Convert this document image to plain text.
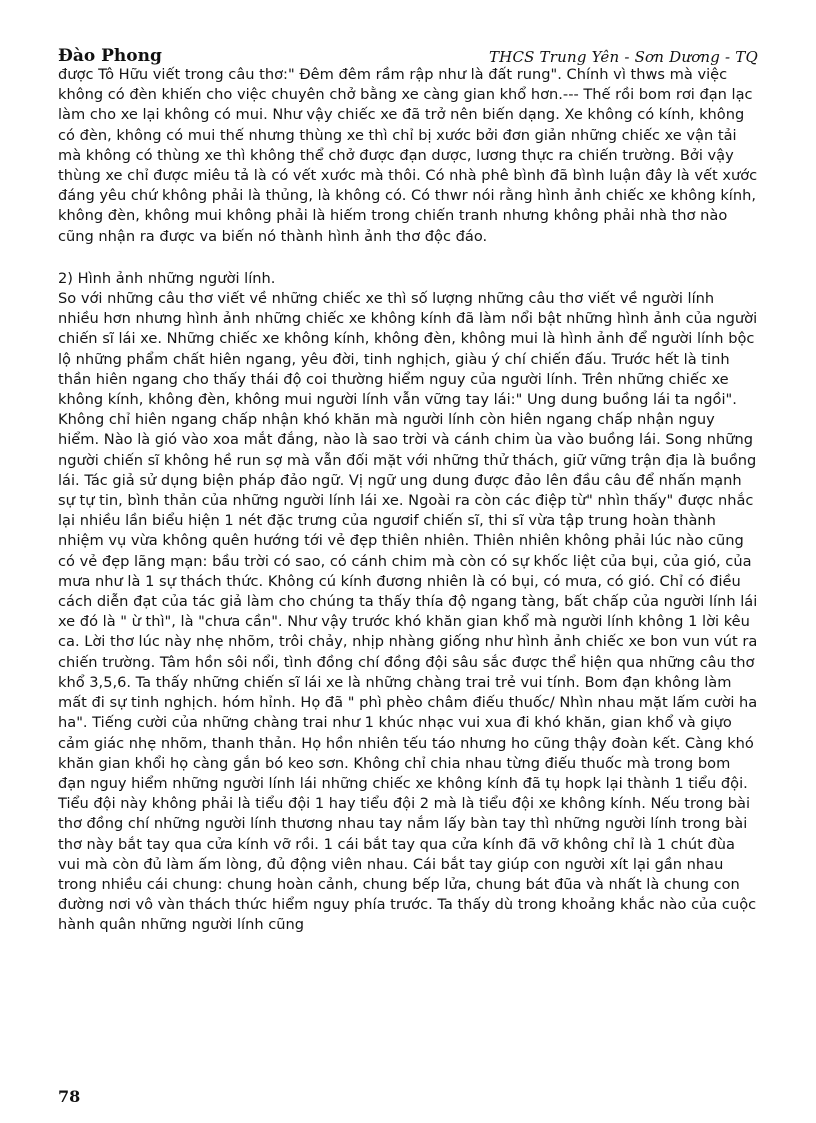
Đào Phong	THCS Trung Yên - Sơn Dương - TQ

được Tô Hữu viết trong câu thơ:" Đêm đêm rầm rập như là đất rung". Chính vì thws mà việc không có đèn khiến cho việc chuyên chở bằng xe càng gian khổ hơn.--- Thế rồi bom rơi đạn lạc làm cho xe lại không có mui. Như vậy chiếc xe đã trở nên biến dạng. Xe không có kính, không có đèn, không có mui thế nhưng thùng xe thì chỉ bị xước bởi đơn giản những chiếc xe vận tải mà không có thùng xe thì không thể chở được đạn dược, lương thực ra chiến trường. Bởi vậy thùng xe chỉ được miêu tả là có vết xước mà thôi. Có nhà phê bình đã bình luận đây là vết xước đáng yêu chứ không phải là thủng, là không có. Có thwr nói rằng hình ảnh chiếc xe không kính, không đèn, không mui không phải là hiếm trong chiến tranh nhưng không phải nhà thơ nào cũng nhận ra được va biến nó thành hình ảnh thơ độc đáo.

2) Hình ảnh những người lính.

So với những câu thơ viết về những chiếc xe thì số lượng những câu thơ viết về người lính nhiều hơn nhưng hình ảnh những chiếc xe không kính đã làm nổi bật những hình ảnh của người chiến sĩ lái xe. Những chiếc xe không kính, không đèn, không mui là hình ảnh để người lính bộc lộ những phẩm chất hiên ngang, yêu đời, tinh nghịch, giàu ý chí chiến đấu. Trước hết là tinh thần hiên ngang cho thấy thái độ coi thường hiểm nguy của người lính. Trên những chiếc xe không kính, không đèn, không mui người lính vẫn vững tay lái:" Ung dung buồng lái ta ngồi". Không chỉ hiên ngang chấp nhận khó khăn mà người lính còn hiên ngang chấp nhận nguy hiểm. Nào là gió vào xoa mắt đắng, nào là sao trời và cánh chim ùa vào buồng lái. Song những người chiến sĩ không hề run sợ mà vẫn đối mặt với những thử thách, giữ vững trận địa là buồng lái. Tác giả sử dụng biện pháp đảo ngữ. Vị ngữ ung dung được đảo lên đầu câu để nhấn mạnh sự tự tin, bình thản của những người lính lái xe. Ngoài ra còn các điệp từ" nhìn thấy" được nhắc lại nhiều lần biểu hiện 1 nét đặc trưng của ngươif chiến sĩ, thi sĩ vừa tập trung hoàn thành nhiệm vụ vừa không quên hướng tới vẻ đẹp thiên nhiên. Thiên nhiên không phải lúc nào cũng có vẻ đẹp lãng mạn: bầu trời có sao, có cánh chim mà còn có sự khốc liệt của bụi, của gió, của mưa như là 1 sự thách thức. Không cú kính đương nhiên là có bụi, có mưa, có gió. Chỉ có điều cách diễn đạt của tác giả làm cho chúng ta thấy thía độ ngang tàng, bất chấp của người lính lái xe đó là " ừ thì", là "chưa cần". Như vậy trước khó khăn gian khổ mà người lính không 1 lời kêu ca. Lời thơ lúc này nhẹ nhõm, trôi chảy, nhịp nhàng giống như hình ảnh chiếc xe bon vun vút ra chiến trường. Tâm hồn sôi nổi, tình đồng chí đồng đội sâu sắc được thể hiện qua những câu thơ khổ 3,5,6. Ta thấy những chiến sĩ lái xe là những chàng trai trẻ vui tính. Bom đạn không làm mất đi sự tinh nghịch. hóm hỉnh. Họ đã " phì phèo châm điếu thuốc/ Nhìn nhau mặt lấm cười ha ha". Tiếng cười của những chàng trai như 1 khúc nhạc vui xua đi khó khăn, gian khổ và giựo cảm giác nhẹ nhõm, thanh thản. Họ hồn nhiên tếu táo nhưng ho cũng thậy đoàn kết. Càng khó khăn gian khổi họ càng gắn bó keo sơn. Không chỉ chia nhau từng điếu thuốc mà trong bom đạn nguy hiểm những người lính lái những chiếc xe không kính đã tụ hopk lại thành 1 tiểu đội. Tiểu đội này không phải là tiểu đội 1 hay tiểu đội 2 mà là tiểu đội xe không kính. Nếu trong bài thơ đồng chí những người lính thương nhau tay nắm lấy bàn tay thì những người lính trong bài thơ này bắt tay qua cửa kính vỡ rồi. 1 cái bắt tay qua cửa kính đã vỡ không chỉ là 1 chút đùa vui mà còn đủ làm ấm lòng, đủ động viên nhau. Cái bắt tay giúp con người xít lại gần nhau trong nhiều cái chung: chung hoàn cảnh, chung bếp lửa, chung bát đũa và nhất là chung con đường nơi vô vàn thách thức hiểm nguy phía trước. Ta thấy dù trong khoảng khắc nào của cuộc hành quân những người lính cũng

78
